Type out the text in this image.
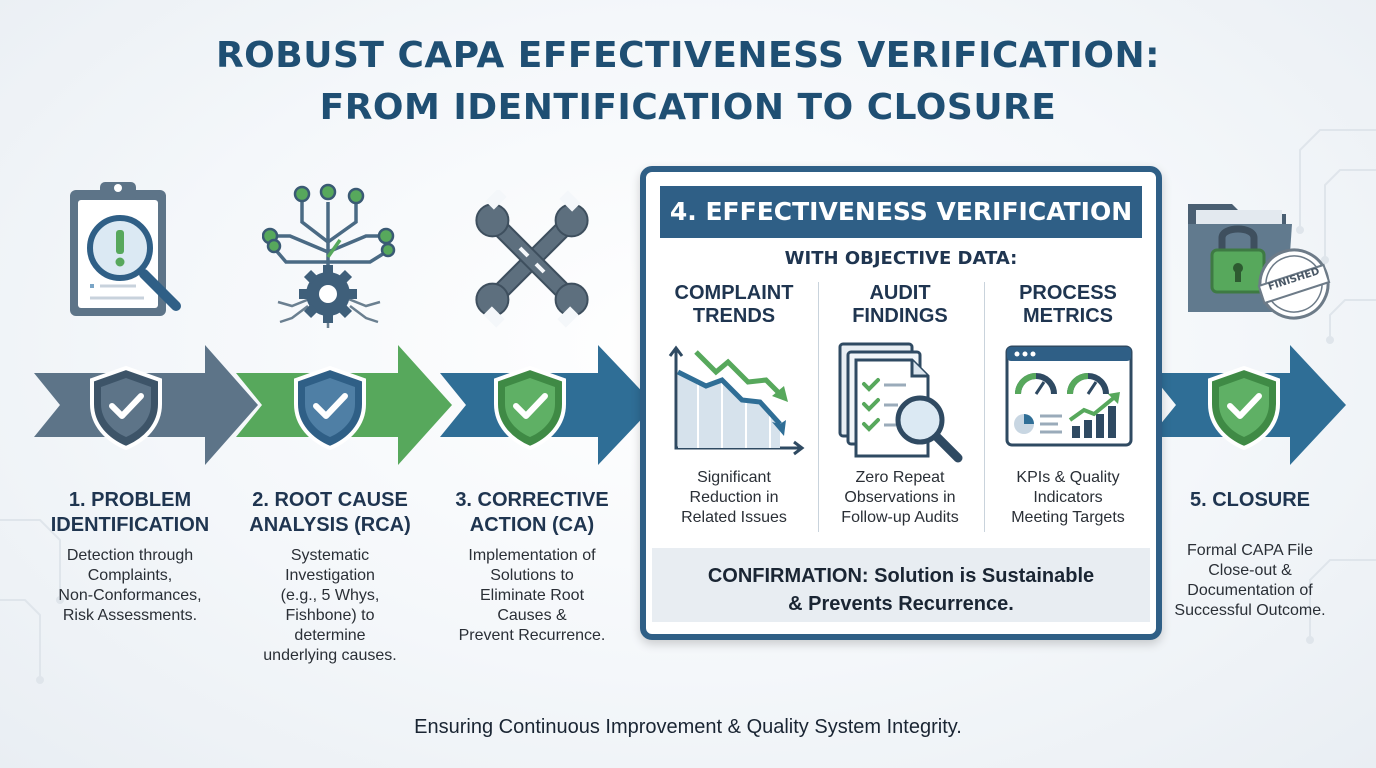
ROBUST CAPA EFFECTIVENESS VERIFICATION:
FROM IDENTIFICATION TO CLOSURE
FINISHED
1. PROBLEM
IDENTIFICATION
Detection through
Complaints,
Non-Conformances,
Risk Assessments.
2. ROOT CAUSE
ANALYSIS (RCA)
Systematic
Investigation
(e.g., 5 Whys,
Fishbone) to
determine
underlying causes.
3. CORRECTIVE
ACTION (CA)
Implementation of
Solutions to
Eliminate Root
Causes &
Prevent Recurrence.
5. CLOSURE
Formal CAPA File
Close-out &
Documentation of
Successful Outcome.
4. EFFECTIVENESS VERIFICATION
WITH OBJECTIVE DATA:
COMPLAINT
TRENDS
AUDIT
FINDINGS
PROCESS
METRICS
Significant
Reduction in
Related Issues
Zero Repeat
Observations in
Follow-up Audits
KPIs & Quality
Indicators
Meeting Targets
CONFIRMATION: Solution is Sustainable
& Prevents Recurrence.
Ensuring Continuous Improvement & Quality System Integrity.
